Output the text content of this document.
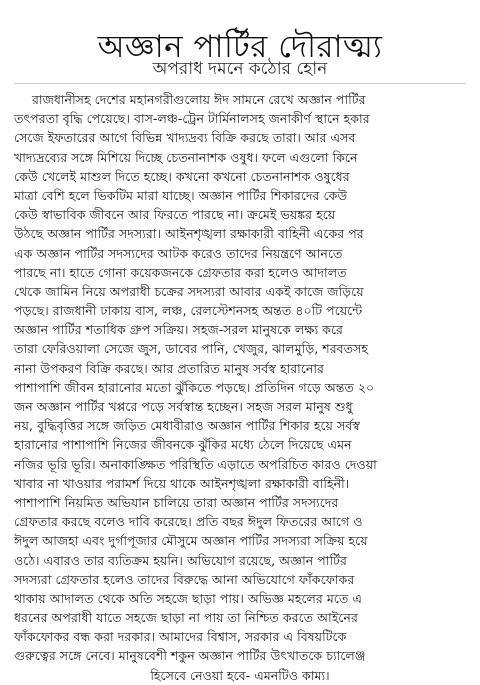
অজ্ঞান পার্টির দৌরাত্ম্য
অপরাধ দমনে কঠোর হোন
রাজধানীসহ দেশের মহানগরীগুলোয় ঈদ সামনে রেখে অজ্ঞান পার্টির
তৎপরতা বৃদ্ধি পেয়েছে। বাস-লঞ্চ-ট্রেন টার্মিনালসহ জনাকীর্ণ স্থানে হকার
সেজে ইফতারের আগে বিভিন্ন খাদ্যদ্রব্য বিক্রি করছে তারা। আর এসব
খাদ্যদ্রব্যের সঙ্গে মিশিয়ে দিচ্ছে চেতনানাশক ওষুধ। ফলে এগুলো কিনে
কেউ খেলেই মাশুল দিতে হচ্ছে। কখনো কখনো চেতনানাশক ওষুধের
মাত্রা বেশি হলে ভিকটিম মারা যাচ্ছে। অজ্ঞান পার্টির শিকারদের কেউ
কেউ স্বাভাবিক জীবনে আর ফিরতে পারছে না। ক্রমেই ভয়ঙ্কর হয়ে
উঠছে অজ্ঞান পার্টির সদস্যরা। আইনশৃঙ্খলা রক্ষাকারী বাহিনী একের পর
এক অজ্ঞান পার্টির সদস্যদের আটক করেও তাদের নিয়ন্ত্রণে আনতে
পারছে না। হাতে গোনা কয়েকজনকে গ্রেফতার করা হলেও আদালত
থেকে জামিন নিয়ে অপরাধী চক্রের সদস্যরা আবার একই কাজে জড়িয়ে
পড়ছে। রাজধানী ঢাকায় বাস, লঞ্চ, রেলস্টেশনসহ অন্তত ৪০টি পয়েন্টে
অজ্ঞান পার্টির শতাধিক গ্রুপ সক্রিয়। সহজ-সরল মানুষকে লক্ষ্য করে
তারা ফেরিওয়ালা সেজে জুস, ডাবের পানি, খেজুর, ঝালমুড়ি, শরবতসহ
নানা উপকরণ বিক্রি করছে। আর প্রতারিত মানুষ সর্বস্ব হারানোর
পাশাপাশি জীবন হারানোর মতো ঝুঁকিতে পড়ছে। প্রতিদিন গড়ে অন্তত ২০
জন অজ্ঞান পার্টির খপ্পরে পড়ে সর্বস্বান্ত হচ্ছেন। সহজ সরল মানুষ শুধু
নয়, বুদ্ধিবৃত্তির সঙ্গে জড়িত মেধাবীরাও অজ্ঞান পার্টির শিকার হয়ে সর্বস্ব
হারানোর পাশাপাশি নিজের জীবনকে ঝুঁকির মধ্যে ঠেলে দিয়েছে এমন
নজির ভূরি ভূরি। অনাকাঙ্ক্ষিত পরিস্থিতি এড়াতে অপরিচিত কারও দেওয়া
খাবার না খাওয়ার পরামর্শ দিয়ে থাকে আইনশৃঙ্খলা রক্ষাকারী বাহিনী।
পাশাপাশি নিয়মিত অভিযান চালিয়ে তারা অজ্ঞান পার্টির সদস্যদের
গ্রেফতার করছে বলেও দাবি করেছে। প্রতি বছর ঈদুল ফিতরের আগে ও
ঈদুল আজহা এবং দুর্গাপূজার মৌসুমে অজ্ঞান পার্টির সদস্যরা সক্রিয় হয়ে
ওঠে। এবারও তার ব্যতিক্রম হয়নি। অভিযোগ রয়েছে, অজ্ঞান পার্টির
সদস্যরা গ্রেফতার হলেও তাদের বিরুদ্ধে আনা অভিযোগে ফাঁকফোকর
থাকায় আদালত থেকে অতি সহজে ছাড়া পায়। অভিজ্ঞ মহলের মতে এ
ধরনের অপরাধী যাতে সহজে ছাড়া না পায় তা নিশ্চিত করতে আইনের
ফাঁকফোকর বন্ধ করা দরকার। আমাদের বিশ্বাস, সরকার এ বিষয়টিকে
গুরুত্বের সঙ্গে নেবে। মানুষবেশী শকুন অজ্ঞান পার্টির উৎখাতকে চ্যালেঞ্জ
হিসেবে নেওয়া হবে- এমনটিও কাম্য।
